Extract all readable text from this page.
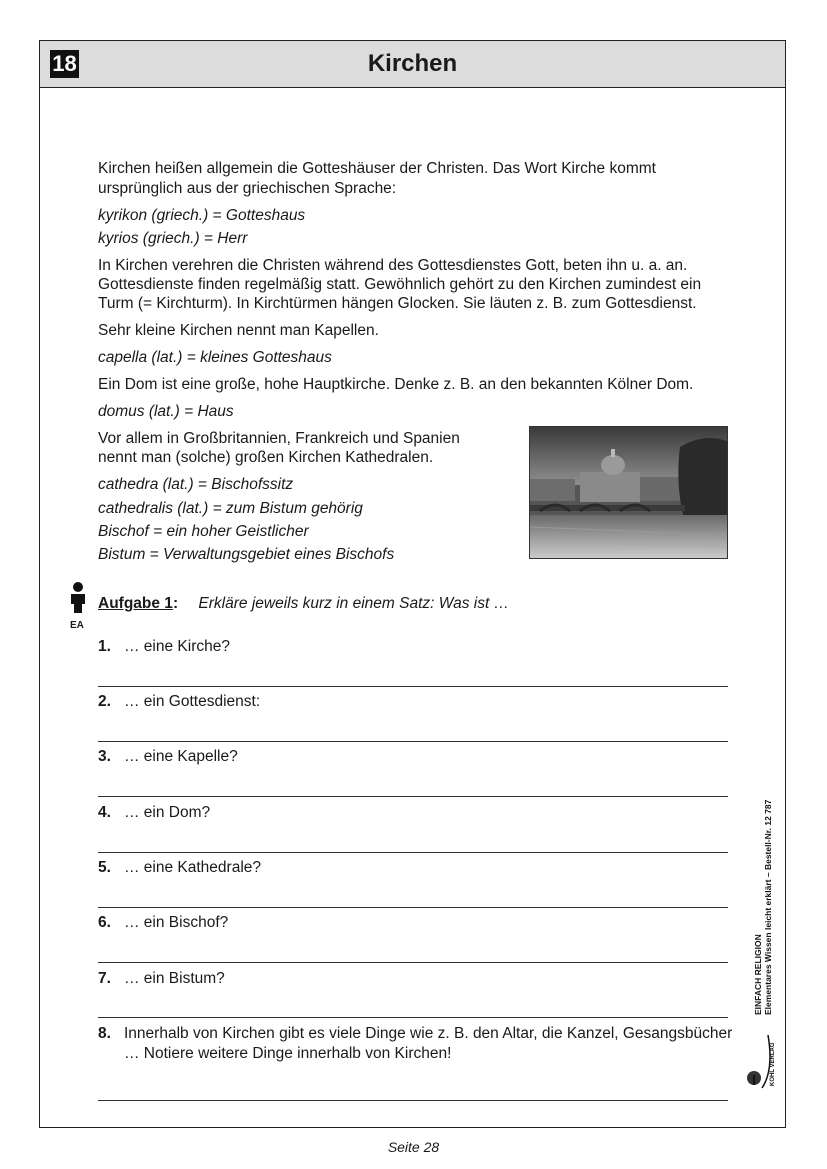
18	Kirchen
Kirchen heißen allgemein die Gotteshäuser der Christen. Das Wort Kirche kommt
ursprünglich aus der griechischen Sprache:
kyrikon (griech.) = Gotteshaus
kyrios (griech.) = Herr
In Kirchen verehren die Christen während des Gottesdienstes Gott, beten ihn u. a. an.
Gottesdienste finden regelmäßig statt. Gewöhnlich gehört zu den Kirchen zumindest ein
Turm (= Kirchturm). In Kirchtürmen hängen Glocken. Sie läuten z. B. zum Gottesdienst.
Sehr kleine Kirchen nennt man Kapellen.
capella (lat.) = kleines Gotteshaus
Ein Dom ist eine große, hohe Hauptkirche. Denke z. B. an den bekannten Kölner Dom.
domus (lat.) = Haus
Vor allem in Großbritannien, Frankreich und Spanien
nennt man (solche) großen Kirchen Kathedralen.
cathedra (lat.) = Bischofssitz
cathedralis (lat.) = zum Bistum gehörig
Bischof = ein hoher Geistlicher
Bistum = Verwaltungsgebiet eines Bischofs
EA
Aufgabe 1: Erkläre jeweils kurz in einem Satz: Was ist …
1. … eine Kirche?
2. … ein Gottesdienst:
3. … eine Kapelle?
4. … ein Dom?
5. … eine Kathedrale?
6. … ein Bischof?
7. … ein Bistum?
8. Innerhalb von Kirchen gibt es viele Dinge wie z. B. den Altar, die Kanzel, Gesangsbücher
… Notiere weitere Dinge innerhalb von Kirchen!
EINFACH RELIGION Elementares Wissen leicht erklärt – Bestell-Nr. 12 787
KOHL VERLAG
Seite 28
